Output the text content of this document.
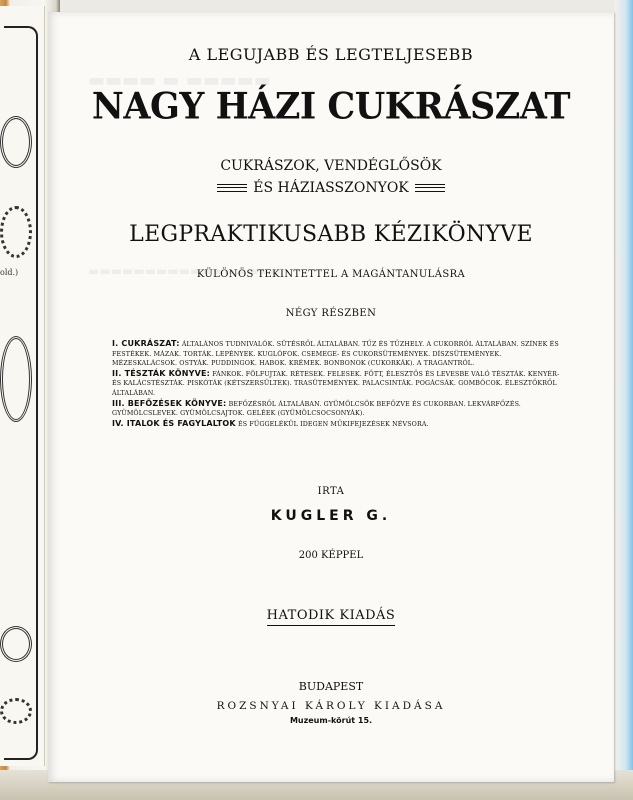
old.)
▬▬▬▬ ▬ ▬▬▬▬▬
▬▬▬▬▬▬▬▬▬▬▬▬▬▬▬▬▬
A LEGUJABB ÉS LEGTELJESEBB
NAGY HÁZI CUKRÁSZAT
CUKRÁSZOK, VENDÉGLŐSÖK
ÉS HÁZIASSZONYOK
LEGPRAKTIKUSABB KÉZIKÖNYVE
KÜLÖNÖS TEKINTETTEL A MAGÁNTANULÁSRA
NÉGY RÉSZBEN

I. CUKRÁSZAT: ÁLTALÁNOS TUDNIVALÓK. SÜTÉSRŐL ÁLTALÁBAN. TŰZ ÉS TŰZHELY. A CUKORRÓL ÁLTALÁBAN. SZÍNEK ÉS FESTÉKEK. MÁZAK. TORTÁK. LEPÉNYEK. KUGLÓFOK. CSEMEGE- ÉS CUKORSÜTEMÉNYEK. DÍSZSÜTEMÉNYEK. MÉZESKALÁCSOK. OSTYÁK. PUDDINGOK. HABOK. KRÉMEK. BONBONOK (CUKORKÁK). A TRAGANTRÓL.

II. TÉSZTÁK KÖNYVE: FÁNKOK. FÖLFUJTAK. RÉTESEK. FELESEK. FŐTT, ÉLESZTŐS ÉS LEVESBE VALÓ TÉSZTÁK. KENYÉR- ÉS KALÁCSTÉSZTÁK. PISKÓTÁK (KÉTSZERSÜLTEK). TRASÜTEMÉNYEK. PALACSINTÁK. POGÁCSÁK. GOMBÓCOK. ÉLESZTŐKRŐL ÁLTALÁBAN.

III. BEFŐZÉSEK KÖNYVE: BEFŐZÉSRŐL ÁLTALÁBAN. GYÜMÖLCSÖK BEFŐZVE ÉS CUKORBAN. LEKVÁRFŐZÉS. GYÜMÖLCSLEVEK. GYÜMÖLCSAJTOK. GELÉEK (GYÜMÖLCSOCSONYÁK).

IV. ITALOK ÉS FAGYLALTOK ÉS FÜGGELÉKÜL IDEGEN MŰKIFEJEZÉSEK NÉVSORA.

IRTA
KUGLER G.
200 KÉPPEL
HATODIK KIADÁS
BUDAPEST
ROZSNYAI KÁROLY KIADÁSA
Muzeum-körút 15.
